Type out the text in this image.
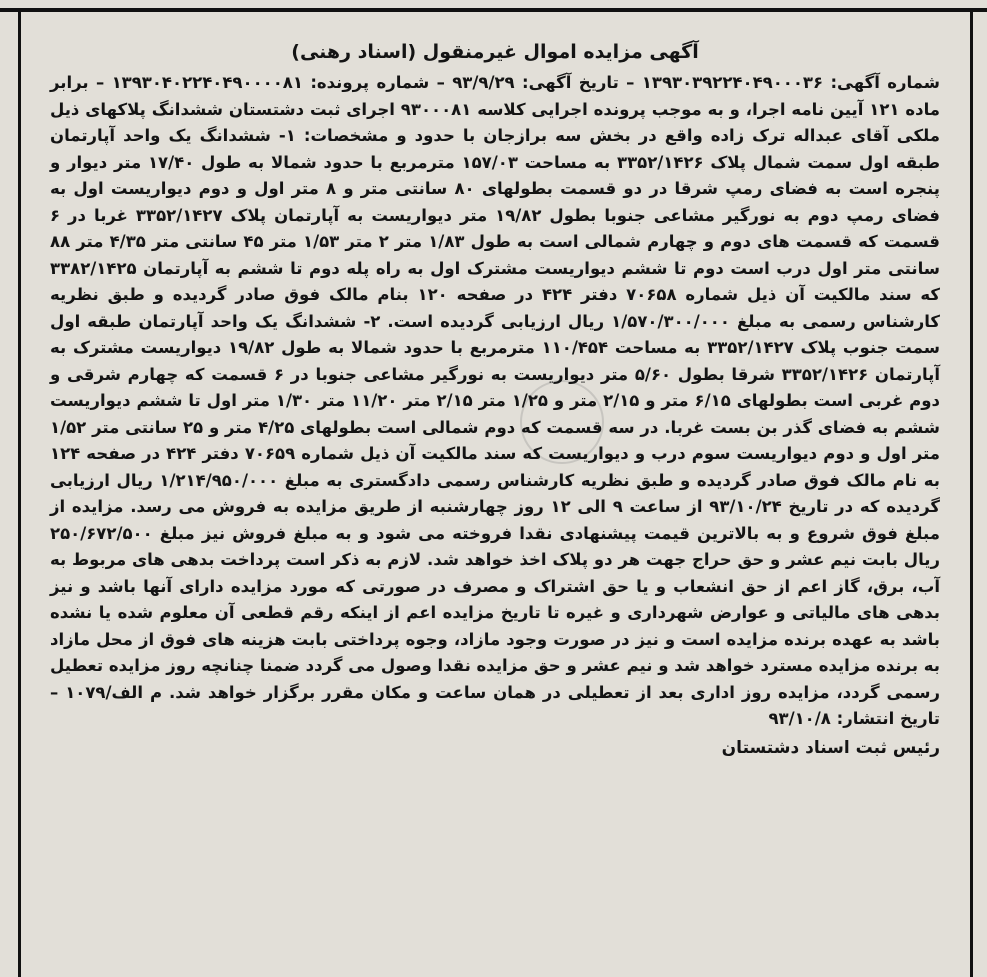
آگهی مزایده اموال غیرمنقول (اسناد رهنی)
شماره آگهی: ۱۳۹۳۰۳۹۲۲۴۰۴۹۰۰۰۳۶ – تاریخ آگهی: ۹۳/۹/۲۹ – شماره پرونده: ۱۳۹۳۰۴۰۲۲۴۰۴۹۰۰۰۰۸۱ – برابر ماده ۱۲۱ آیین نامه اجرا، و به موجب پرونده اجرایی کلاسه ۹۳۰۰۰۸۱ اجرای ثبت دشتستان ششدانگ پلاکهای ذیل ملکی آقای عبداله ترک زاده واقع در بخش سه برازجان با حدود و مشخصات: ۱- ششدانگ یک واحد آپارتمان طبقه اول سمت شمال پلاک ۳۳۵۲/۱۴۲۶ به مساحت ۱۵۷/۰۳ مترمربع با حدود شمالا به طول ۱۷/۴۰ متر دیوار و پنجره است به فضای رمپ شرقا در دو قسمت بطولهای ۸۰ سانتی متر و ۸ متر اول و دوم دیواریست اول به فضای رمپ دوم به نورگیر مشاعی جنوبا بطول ۱۹/۸۲ متر دیواریست به آپارتمان پلاک ۳۳۵۲/۱۴۲۷ غربا در ۶ قسمت که قسمت های دوم و چهارم شمالی است به طول ۱/۸۳ متر ۲ متر ۱/۵۳ متر ۴۵ سانتی متر ۴/۳۵ متر ۸۸ سانتی متر اول درب است دوم تا ششم دیواریست مشترک اول به راه پله دوم تا ششم به آپارتمان ۳۳۸۲/۱۴۲۵ که سند مالکیت آن ذیل شماره ۷۰۶۵۸ دفتر ۴۲۴ در صفحه ۱۲۰ بنام مالک فوق صادر گردیده و طبق نظریه کارشناس رسمی به مبلغ ۱/۵۷۰/۳۰۰/۰۰۰ ریال ارزیابی گردیده است. ۲- ششدانگ یک واحد آپارتمان طبقه اول سمت جنوب پلاک ۳۳۵۲/۱۴۲۷ به مساحت ۱۱۰/۴۵۴ مترمربع با حدود شمالا به طول ۱۹/۸۲ دیواریست مشترک به آپارتمان ۳۳۵۲/۱۴۲۶ شرقا بطول ۵/۶۰ متر دیواریست به نورگیر مشاعی جنوبا در ۶ قسمت که چهارم شرقی و دوم غربی است بطولهای ۶/۱۵ متر و ۲/۱۵ متر و ۱/۲۵ متر ۲/۱۵ متر ۱۱/۲۰ متر ۱/۳۰ متر اول تا ششم دیواریست ششم به فضای گذر بن بست غربا. در سه قسمت که دوم شمالی است بطولهای ۴/۲۵ متر و ۲۵ سانتی متر ۱/۵۲ متر اول و دوم دیواریست سوم درب و دیواریست که سند مالکیت آن ذیل شماره ۷۰۶۵۹ دفتر ۴۲۴ در صفحه ۱۲۴ به نام مالک فوق صادر گردیده و طبق نظریه کارشناس رسمی دادگستری به مبلغ ۱/۲۱۴/۹۵۰/۰۰۰ ریال ارزیابی گردیده که در تاریخ ۹۳/۱۰/۲۴ از ساعت ۹ الی ۱۲ روز چهارشنبه از طریق مزایده به فروش می رسد. مزایده از مبلغ فوق شروع و به بالاترین قیمت پیشنهادی نقدا فروخته می شود و به مبلغ فروش نیز مبلغ ۲۵۰/۶۷۲/۵۰۰ ریال بابت نیم عشر و حق حراج جهت هر دو پلاک اخذ خواهد شد. لازم به ذکر است پرداخت بدهی های مربوط به آب، برق، گاز اعم از حق انشعاب و یا حق اشتراک و مصرف در صورتی که مورد مزایده دارای آنها باشد و نیز بدهی های مالیاتی و عوارض شهرداری و غیره تا تاریخ مزایده اعم از اینکه رقم قطعی آن معلوم شده یا نشده باشد به عهده برنده مزایده است و نیز در صورت وجود مازاد، وجوه پرداختی بابت هزینه های فوق از محل مازاد به برنده مزایده مسترد خواهد شد و نیم عشر و حق مزایده نقدا وصول می گردد ضمنا چنانچه روز مزایده تعطیل رسمی گردد، مزایده روز اداری بعد از تعطیلی در همان ساعت و مکان مقرر برگزار خواهد شد. م الف/۱۰۷۹ – تاریخ انتشار: ۹۳/۱۰/۸
رئیس ثبت اسناد دشتستان
